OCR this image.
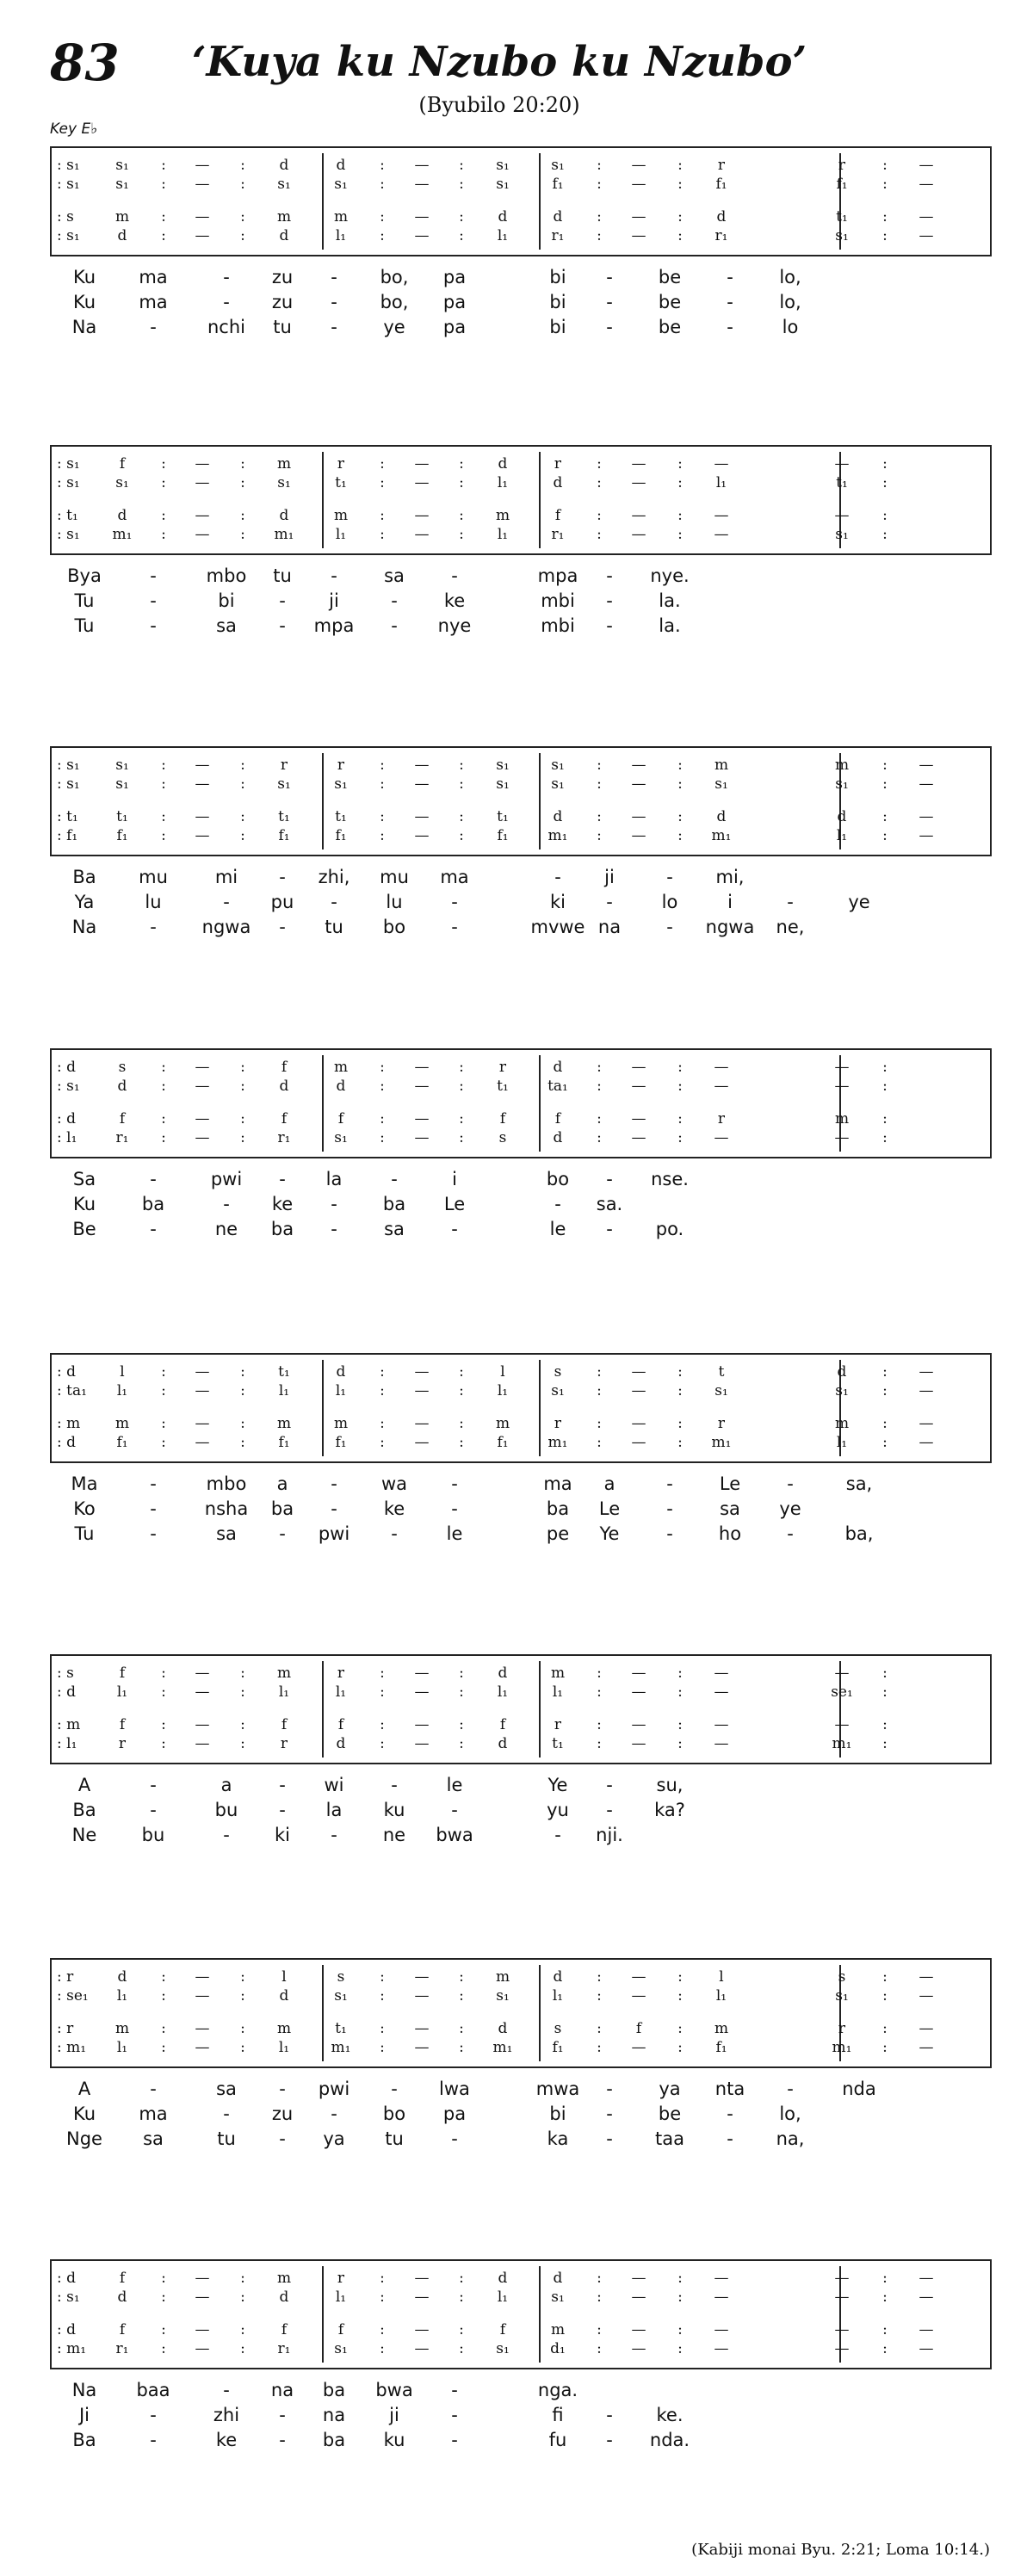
83	‘Kuya ku Nzubo ku Nzubo’
(Byubilo 20:20)
Key E♭
: s₁	s₁	:	—	:	d	d	:	—	:	s₁	s₁	:	—	:	r	r	:	—
: s₁	s₁	:	—	:	s₁	s₁	:	—	:	s₁	f₁	:	—	:	f₁	f₁	:	—
: s	m	:	—	:	m	m	:	—	:	d	d	:	—	:	d	t₁	:	—
: s₁	d	:	—	:	d	l₁	:	—	:	l₁	r₁	:	—	:	r₁	s₁	:	—
Ku	ma	-	zu	-	bo,	pa	bi	-	be	-	lo,
Ku	ma	-	zu	-	bo,	pa	bi	-	be	-	lo,
Na	-	nchi	tu	-	ye	pa	bi	-	be	-	lo
: s₁	f	:	—	:	m	r	:	—	:	d	r	:	—	:	—	—	:
: s₁	s₁	:	—	:	s₁	t₁	:	—	:	l₁	d	:	—	:	l₁	t₁	:
: t₁	d	:	—	:	d	m	:	—	:	m	f	:	—	:	—	—	:
: s₁	m₁	:	—	:	m₁	l₁	:	—	:	l₁	r₁	:	—	:	—	s₁	:
Bya	-	mbo	tu	-	sa	-	mpa	-	nye.
Tu	-	bi	-	ji	-	ke	mbi	-	la.
Tu	-	sa	-	mpa	-	nye	mbi	-	la.
: s₁	s₁	:	—	:	r	r	:	—	:	s₁	s₁	:	—	:	m	m	:	—
: s₁	s₁	:	—	:	s₁	s₁	:	—	:	s₁	s₁	:	—	:	s₁	s₁	:	—
: t₁	t₁	:	—	:	t₁	t₁	:	—	:	t₁	d	:	—	:	d	d	:	—
: f₁	f₁	:	—	:	f₁	f₁	:	—	:	f₁	m₁	:	—	:	m₁	l₁	:	—
Ba	mu	mi	-	zhi,	mu	ma	-	ji	-	mi,
Ya	lu	-	pu	-	lu	-	ki	-	lo	i	-	ye
Na	-	ngwa	-	tu	bo	-	mvwe na	-	ngwa	ne,
: d	s	:	—	:	f	m	:	—	:	r	d	:	—	:	—	—	:
: s₁	d	:	—	:	d	d	:	—	:	t₁	ta₁	:	—	:	—	—	:
: d	f	:	—	:	f	f	:	—	:	f	f	:	—	:	r	m	:
: l₁	r₁	:	—	:	r₁	s₁	:	—	:	s	d	:	—	:	—	—	:
Sa	-	pwi	-	la	-	i	bo	-	nse.
Ku	ba	-	ke	-	ba	Le	-	sa.
Be	-	ne	ba	-	sa	-	le	-	po.
: d	l	:	—	:	t₁	d	:	—	:	l	s	:	—	:	t	d	:	—
: ta₁	l₁	:	—	:	l₁	l₁	:	—	:	l₁	s₁	:	—	:	s₁	s₁	:	—
: m	m	:	—	:	m	m	:	—	:	m	r	:	—	:	r	m	:	—
: d	f₁	:	—	:	f₁	f₁	:	—	:	f₁	m₁	:	—	:	m₁	l₁	:	—
Ma	-	mbo	a	-	wa	-	ma	a	-	Le	-	sa,
Ko	-	nsha	ba	-	ke	-	ba	Le	-	sa	ye
Tu	-	sa	-	pwi	-	le	pe	Ye	-	ho	-	ba,
: s	f	:	—	:	m	r	:	—	:	d	m	:	—	:	—	—	:
: d	l₁	:	—	:	l₁	l₁	:	—	:	l₁	l₁	:	—	:	—	se₁	:
: m	f	:	—	:	f	f	:	—	:	f	r	:	—	:	—	—	:
: l₁	r	:	—	:	r	d	:	—	:	d	t₁	:	—	:	—	m₁	:
A	-	a	-	wi	-	le	Ye	-	su,
Ba	-	bu	-	la	ku	-	yu	-	ka?
Ne	bu	-	ki	-	ne	bwa	-	nji.
: r	d	:	—	:	l	s	:	—	:	m	d	:	—	:	l	s	:	—
: se₁	l₁	:	—	:	d	s₁	:	—	:	s₁	l₁	:	—	:	l₁	s₁	:	—
: r	m	:	—	:	m	t₁	:	—	:	d	s	:	f	:	m	r	:	—
: m₁	l₁	:	—	:	l₁	m₁	:	—	:	m₁	f₁	:	—	:	f₁	m₁	:	—
A	-	sa	-	pwi	-	lwa	mwa	-	ya	nta	-	nda
Ku	ma	-	zu	-	bo	pa	bi	-	be	-	lo,
Nge	sa	tu	-	ya	tu	-	ka	-	taa	-	na,
: d	f	:	—	:	m	r	:	—	:	d	d	:	—	:	—	—	:	—
: s₁	d	:	—	:	d	l₁	:	—	:	l₁	s₁	:	—	:	—	—	:	—
: d	f	:	—	:	f	f	:	—	:	f	m	:	—	:	—	—	:	—
: m₁	r₁	:	—	:	r₁	s₁	:	—	:	s₁	d₁	:	—	:	—	—	:	—
Na	baa	-	na	ba	bwa	-	nga.
Ji	-	zhi	-	na	ji	-	fi	-	ke.
Ba	-	ke	-	ba	ku	-	fu	-	nda.
(Kabiji monai Byu. 2:21; Loma 10:14.)
